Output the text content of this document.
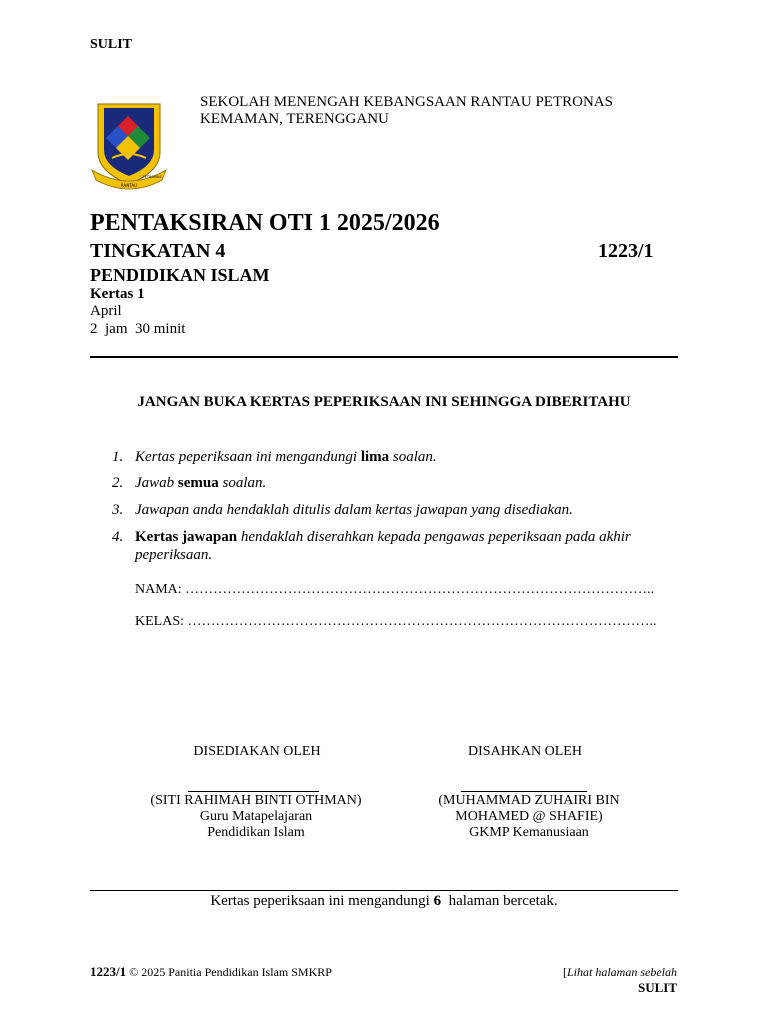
SULIT
RANTAU
PETRONAS
SEKOLAH MENENGAH KEBANGSAAN RANTAU PETRONAS
KEMAMAN, TERENGGANU
PENTAKSIRAN OTI 1 2025/2026
TINGKATAN 4	1223/1
PENDIDIKAN ISLAM
Kertas 1
April
2  jam  30 minit
JANGAN BUKA KERTAS PEPERIKSAAN INI SEHINGGA DIBERITAHU
1. Kertas peperiksaan ini mengandungi lima soalan.
2. Jawab semua soalan.
3. Jawapan anda hendaklah ditulis dalam kertas jawapan yang disediakan.
4. Kertas jawapan hendaklah diserahkan kepada pengawas peperiksaan pada akhir peperiksaan.
NAMA: ………………………………………………………………………………………..
KELAS: ………………………………………………………………………………………..
DISEDIAKAN OLEH	DISAHKAN OLEH
(SITI RAHIMAH BINTI OTHMAN)
Guru Matapelajaran
Pendidikan Islam
(MUHAMMAD ZUHAIRI BIN
MOHAMED @ SHAFIE)
GKMP Kemanusiaan
Kertas peperiksaan ini mengandungi 6  halaman bercetak.
1223/1 © 2025 Panitia Pendidikan Islam SMKRP	[Lihat halaman sebelah
SULIT
